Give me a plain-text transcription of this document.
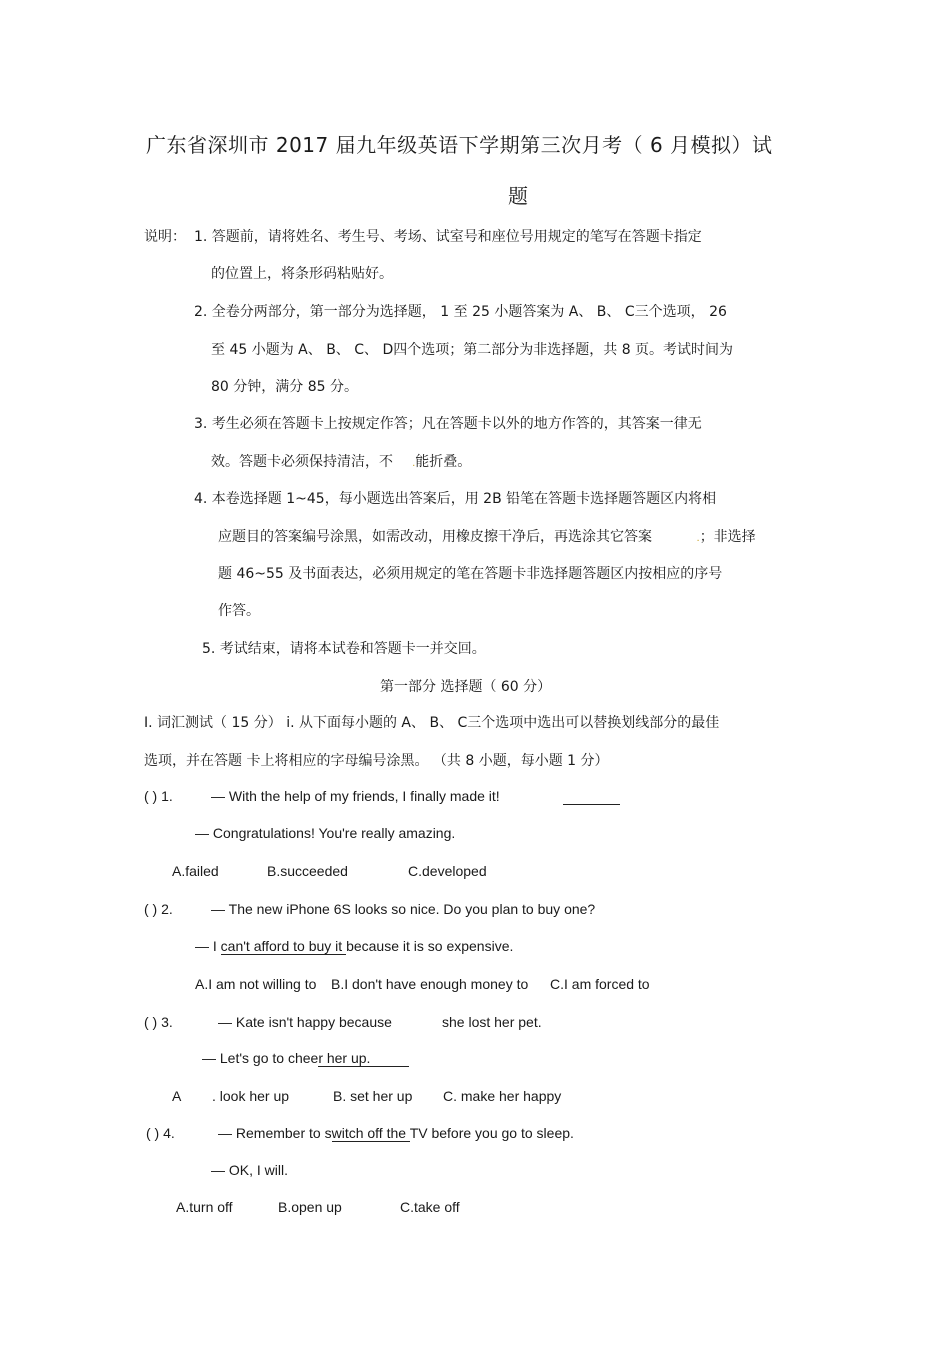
广东省深圳市 2017 届九年级英语下学期第三次月考（ 6 月模拟）试
题
说明： 1. 答题前，请将姓名、考生号、考场、试室号和座位号用规定的笔写在答题卡指定
的位置上，将条形码粘贴好。
2. 全卷分两部分，第一部分为选择题， 1 至 25 小题答案为 A、 B、 C三个选项， 26
至 45 小题为 A、 B、 C、 D四个选项；第二部分为非选择题，共 8 页。考试时间为
80 分钟，满分 85 分。
3. 考生必须在答题卡上按规定作答；凡在答题卡以外的地方作答的，其答案一律无
效。答题卡必须保持清洁，不      .能折叠。
4. 本卷选择题 1~45，每小题选出答案后，用 2B 铅笔在答题卡选择题答题区内将相
应题目的答案编号涂黑，如需改动，用橡皮擦干净后，再选涂其它答案              .；非选择
题 46~55 及书面表达，必须用规定的笔在答题卡非选择题答题区内按相应的序号
作答。
5. 考试结束，请将本试卷和答题卡一并交回。
第一部分 选择题（ 60 分）
I. 词汇测试（ 15 分） i. 从下面每小题的 A、 B、 C三个选项中选出可以替换划线部分的最佳
选项，并在答题 卡上将相应的字母编号涂黑。 （共 8 小题，每小题 1 分）
( ) 1.	— With the help of my friends, I finally made it!
— Congratulations! You're really amazing.
A.failed	B.succeeded	C.developed
( ) 2.	— The new iPhone 6S looks so nice. Do you plan to buy one?
— I can't afford to buy it because it is so expensive.
A.I am not willing to B.I don't have enough money to C.I am forced to
( ) 3.	— Kate isn't happy because	she lost her pet.
— Let's go to cheer her up.
A . look her up	B. set her up C. make her happy
( ) 4.	— Remember to switch off the TV before you go to sleep.
— OK, I will.
A.turn off	B.open up	C.take off
